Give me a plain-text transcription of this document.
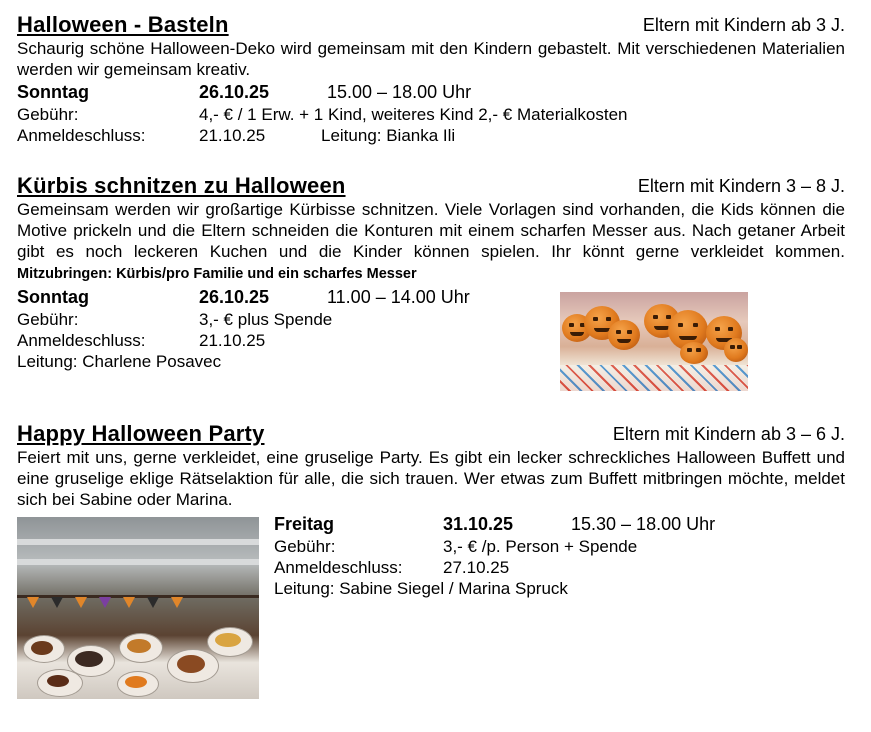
Halloween - Basteln	Eltern mit Kindern ab 3 J.

Schaurig schöne Halloween-Deko wird gemeinsam mit den Kindern gebastelt. Mit verschiedenen Materialien werden wir gemeinsam kreativ.

Sonntag	26.10.25	15.00 – 18.00 Uhr
Gebühr:	4,- € / 1 Erw. + 1 Kind, weiteres Kind 2,- € Materialkosten
Anmeldeschluss:	21.10.25	Leitung: Bianka Ili
Kürbis schnitzen zu Halloween	Eltern mit Kindern 3 – 8 J.

Gemeinsam werden wir großartige Kürbisse schnitzen. Viele Vorlagen sind vorhanden, die Kids können die Motive prickeln und die Eltern schneiden die Konturen mit einem scharfen Messer aus. Nach getaner Arbeit gibt es noch leckeren Kuchen und die Kinder können spielen. Ihr könnt gerne verkleidet kommen. Mitzubringen: Kürbis/pro Familie und ein scharfes Messer

Sonntag	26.10.25	11.00 – 14.00 Uhr
Gebühr:	3,- € plus Spende
Anmeldeschluss:	21.10.25
Leitung: Charlene Posavec
Happy Halloween Party	Eltern mit Kindern ab 3 – 6 J.

Feiert mit uns, gerne verkleidet, eine gruselige Party. Es gibt ein lecker schreckliches Halloween Buffett und eine gruselige eklige Rätselaktion für alle, die sich trauen. Wer etwas zum Buffett mitbringen möchte, meldet sich bei Sabine oder Marina.

Freitag	31.10.25	15.30 – 18.00 Uhr
Gebühr:	3,- € /p. Person + Spende
Anmeldeschluss: 27.10.25
Leitung: Sabine Siegel / Marina Spruck
